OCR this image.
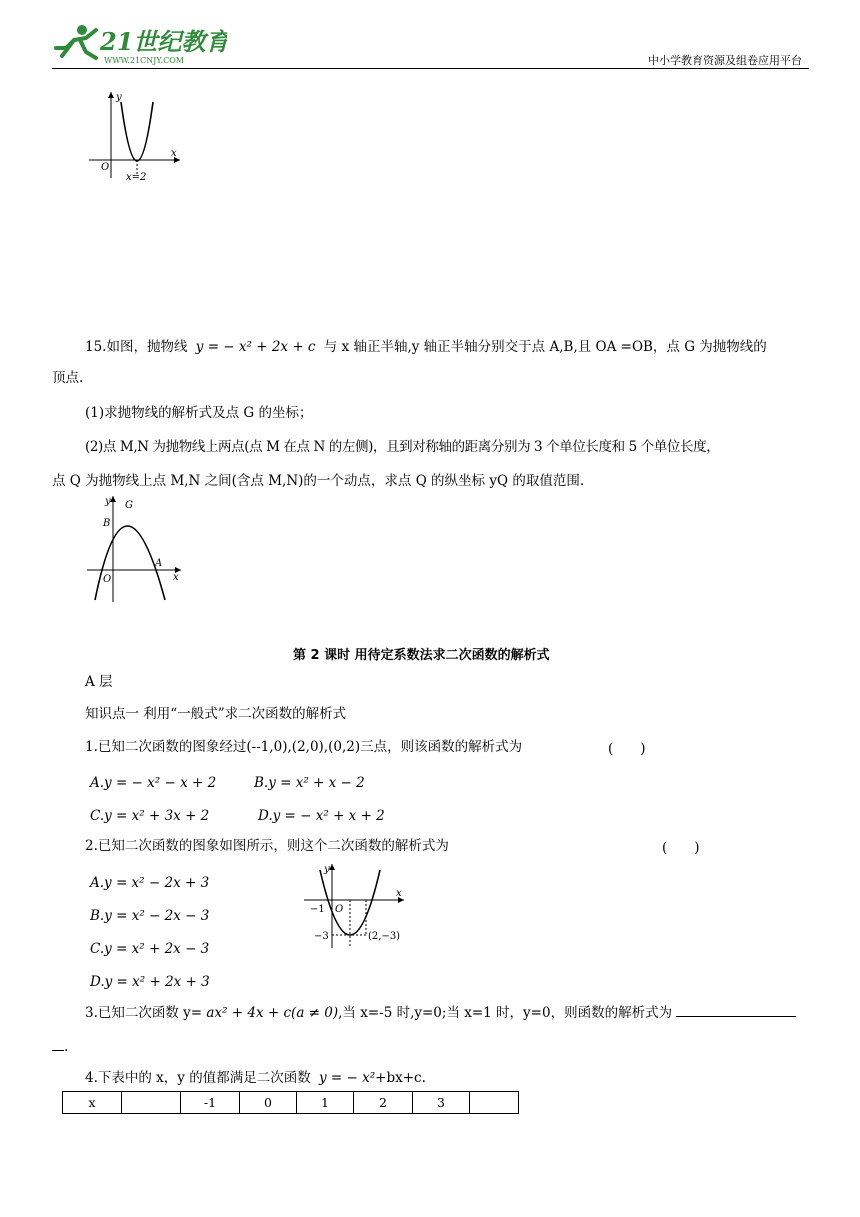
21世纪教育
WWW.21CNJY.COM	中小学教育资源及组卷应用平台
y
x
O
x=2
15.如图，抛物线 y = − x² + 2x + c 与 x 轴正半轴,y 轴正半轴分别交于点 A,B,且 OA =OB，点 G 为抛物线的
顶点.
(1)求抛物线的解析式及点 G 的坐标；
(2)点 M,N 为抛物线上两点(点 M 在点 N 的左侧)，且到对称轴的距离分别为 3 个单位长度和 5 个单位长度，
点 Q 为抛物线上点 M,N 之间(含点 M,N)的一个动点，求点 Q 的纵坐标 yQ 的取值范围.
y
x
O
B
G
A
第 2 课时 用待定系数法求二次函数的解析式
A 层
知识点一 利用“一般式”求二次函数的解析式
1.已知二次函数的图象经过(--1,0),(2,0),(0,2)三点，则该函数的解析式为	(　　)
A.y = − x² − x + 2	B.y = x² + x − 2
C.y = x² + 3x + 2	D.y = − x² + x + 2
2.已知二次函数的图象如图所示，则这个二次函数的解析式为	(　　)
A.y = x² − 2x + 3
B.y = x² − 2x − 3
C.y = x² + 2x − 3
D.y = x² + 2x + 3
y
x
−1 O
−3	(2,−3)
3.已知二次函数 y= ax² + 4x + c(a ≠ 0),当 x=-5 时,y=0;当 x=1 时，y=0，则函数的解析式为
.
4.下表中的 x，y 的值都满足二次函数 y = − x²+bx+c.
x		-1	0	1	2	3	
